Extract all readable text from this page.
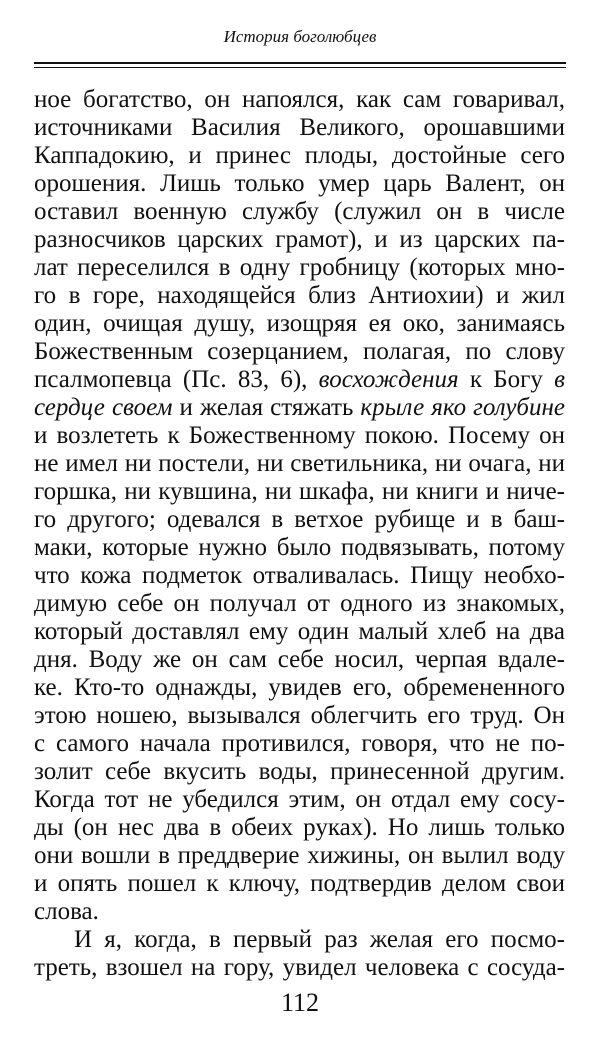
История боголюбцев
ное богатство, он напоялся, как сам говаривал,
источниками Василия Великого, орошавшими
Каппадокию, и принес плоды, достойные сего
орошения. Лишь только умер царь Валент, он
оставил военную службу (служил он в числе
разносчиков царских грамот), и из царских па-
лат переселился в одну гробницу (которых мно-
го в горе, находящейся близ Антиохии) и жил
один, очищая душу, изощряя ея око, занимаясь
Божественным созерцанием, полагая, по слову
псалмопевца (Пс. 83, 6), восхождения к Богу в
сердце своем и желая стяжать крыле яко голубине
и возлететь к Божественному покою. Посему он
не имел ни постели, ни светильника, ни очага, ни
горшка, ни кувшина, ни шкафа, ни книги и ниче-
го другого; одевался в ветхое рубище и в баш-
маки, которые нужно было подвязывать, потому
что кожа подметок отваливалась. Пищу необхо-
димую себе он получал от одного из знакомых,
который доставлял ему один малый хлеб на два
дня. Воду же он сам себе носил, черпая вдале-
ке. Кто-то однажды, увидев его, обремененного
этою ношею, вызывался облегчить его труд. Он
с самого начала противился, говоря, что не по-
золит себе вкусить воды, принесенной другим.
Когда тот не убедился этим, он отдал ему сосу-
ды (он нес два в обеих руках). Но лишь только
они вошли в преддверие хижины, он вылил воду
и опять пошел к ключу, подтвердив делом свои
слова.
И я, когда, в первый раз желая его посмо-
треть, взошел на гору, увидел человека с сосуда-
112
